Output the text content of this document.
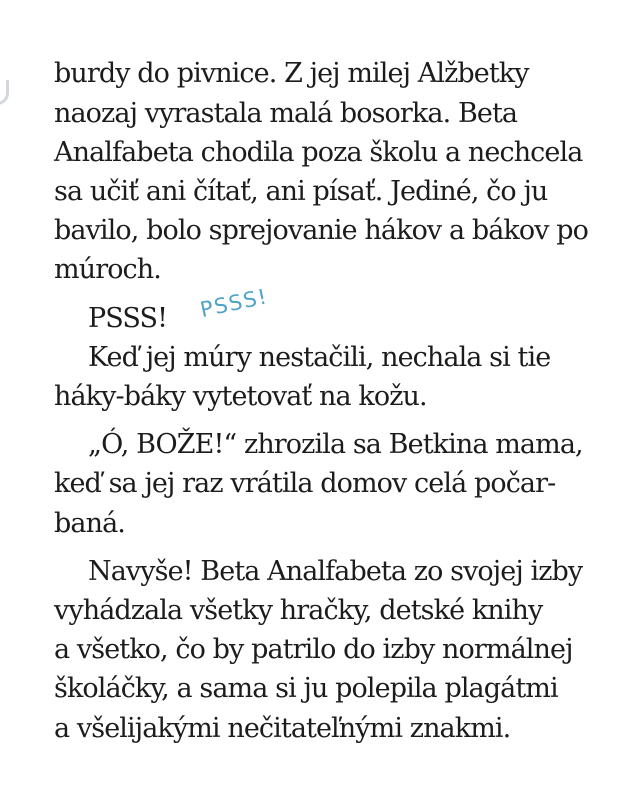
burdy do pivnice. Z jej milej Alžbetky
naozaj vyrastala malá bosorka. Beta
Analfabeta chodila poza školu a nechcela
sa učiť ani čítať, ani písať. Jediné, čo ju
bavilo, bolo sprejovanie hákov a bákov po
múroch.
PSSS!
Keď jej múry nestačili, nechala si tie
háky-báky vytetovať na kožu.
„Ó, BOŽE!“ zhrozila sa Betkina mama,
keď sa jej raz vrátila domov celá počar-
baná.
Navyše! Beta Analfabeta zo svojej izby
vyhádzala všetky hračky, detské knihy
a všetko, čo by patrilo do izby normálnej
školáčky, a sama si ju polepila plagátmi
a všelijakými nečitateľnými znakmi.
PSSS!
